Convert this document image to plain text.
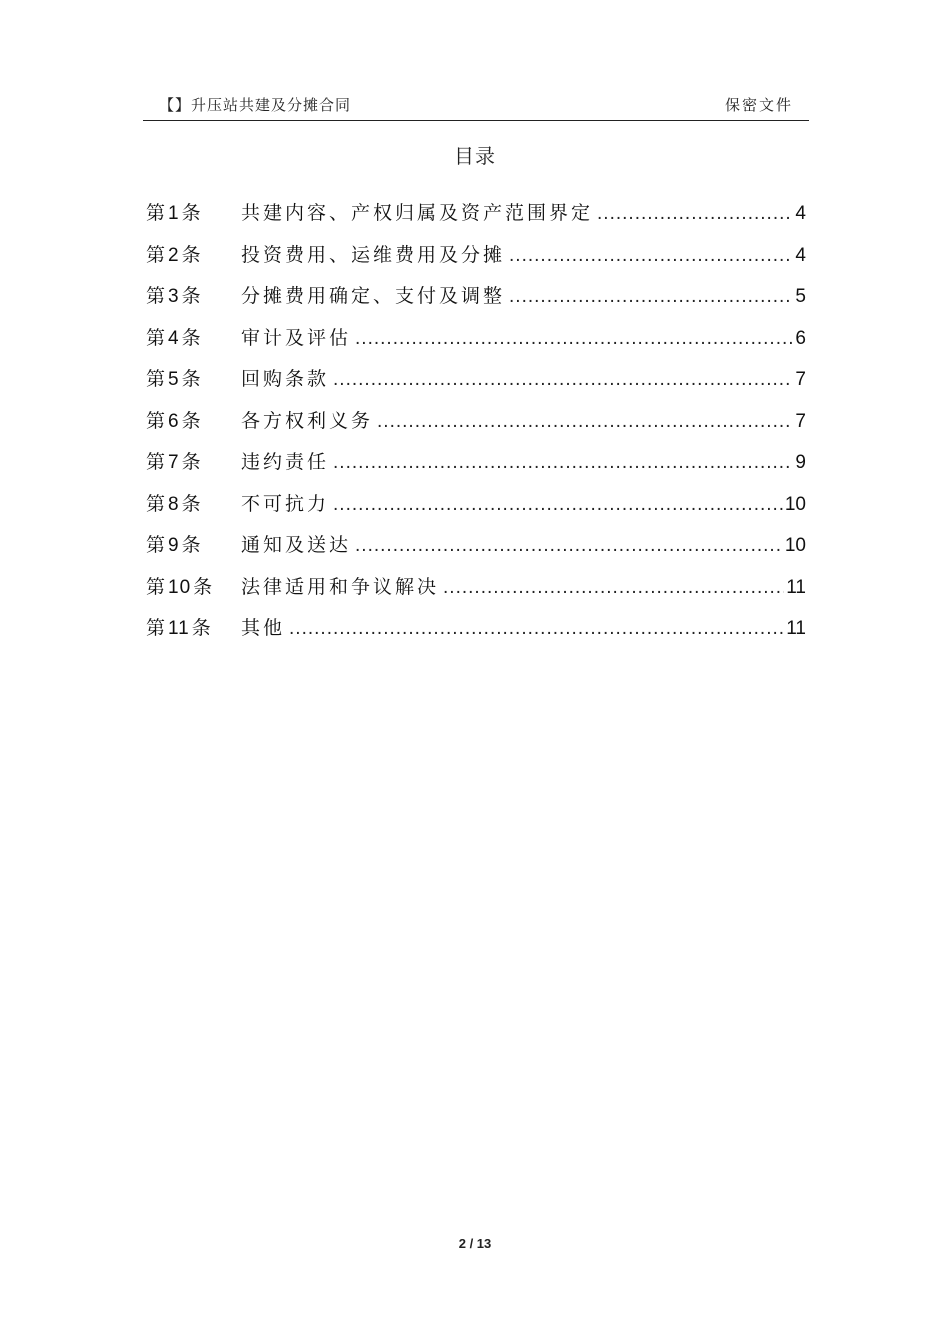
【】升压站共建及分摊合同	保密文件
目录
第 1 条	共建内容、产权归属及资产范围界定 .....	4
第 2 条	投资费用、运维费用及分摊 .....	4
第 3 条	分摊费用确定、支付及调整 .....	5
第 4 条	审计及评估 .....	6
第 5 条	回购条款 .....	7
第 6 条	各方权利义务 .....	7
第 7 条	违约责任 .....	9
第 8 条	不可抗力 .....	10
第 9 条	通知及送达 .....	10
第 10 条	法律适用和争议解决 .....	11
第 11 条	其他 .....	11
2 / 13
